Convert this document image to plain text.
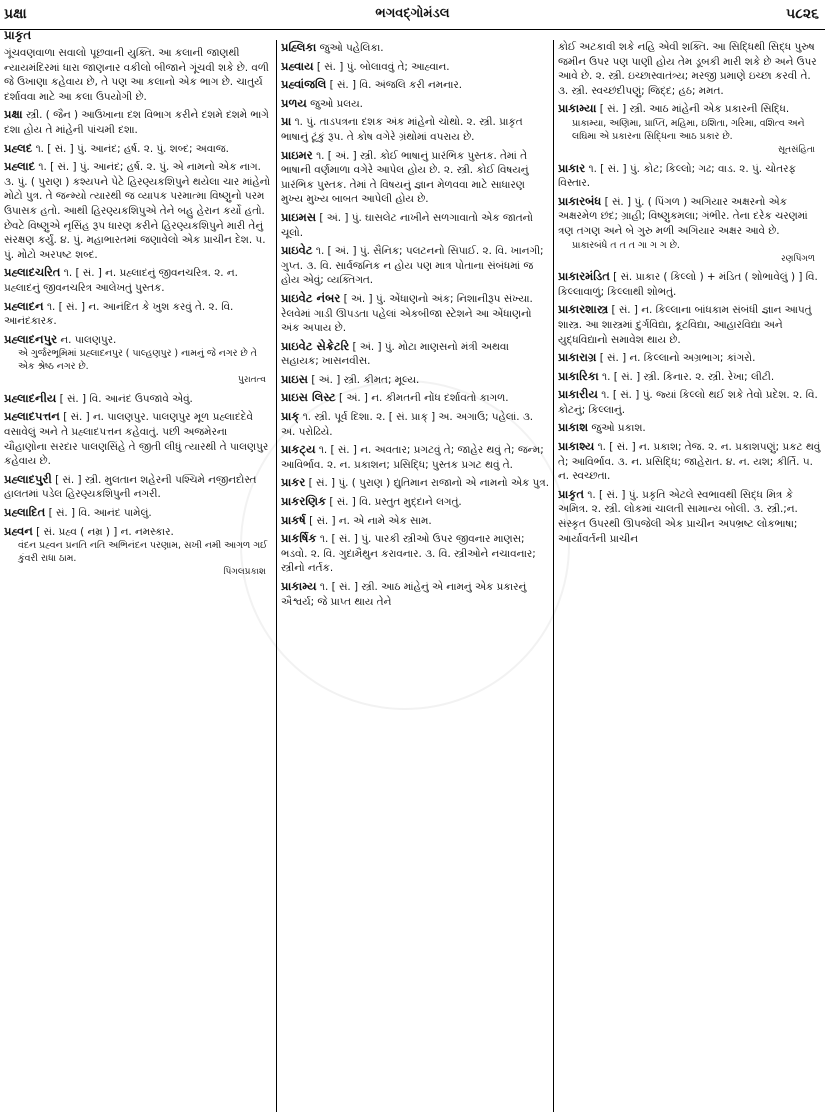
પ્રક્ષા	ભગવદ્ગોમંડલ	૫૮૨૬
પ્રાકૃત
ગૂંચવણવાળા સવાલો પૂછવાની યુક્તિ. આ કલાની જાણથી ન્યાયમંદિરમાં ધારા જાણનાર વકીલો બીજાને ગૂંચવી શકે છે. વળી જે ઉખાણા કહેવાય છે, તે પણ આ કલાનો એક ભાગ છે. ચાતુર્ય દર્શાવવા માટે આ કલા ઉપયોગી છે.
પ્રક્ષા સ્ત્રી. ( જૈન ) આઉખાના દશ વિભાગ કરીને દશમે દશમે ભાગે દશા હોય તે માંહેની પાંચમી દશા.
પ્રહ્લદ ૧. [ સં. ] પું. આનંદ; હર્ષ. ૨. પું. શબ્દ; અવાજ.
પ્રહ્લાદ ૧. [ સં. ] પું. આનંદ; હર્ષ. ૨. પું. એ નામનો એક નાગ. ૩. પું. ( પુરાણ ) કશ્યપને પેટે હિરણ્યકશિપુને થયેલા ચાર માંહેનો મોટો પુત્ર. તે જન્મ્યો ત્યારથી જ વ્યાપક પરમાત્મા વિષ્ણુનો પરમ ઉપાસક હતો. આથી હિરણ્યકશિપુએ તેને બહુ હેરાન કર્યો હતો. છેવટે વિષ્ણુએ નૃસિંહ રૂપ ધારણ કરીને હિરણ્યકશિપુને મારી તેનું સંરક્ષણ કર્યું. ૪. પું. મહાભારતમાં જણાવેલો એક પ્રાચીન દેશ. ૫. પું. મોટો અરપષ્ટ શબ્દ.
પ્રહ્લાદચરિત ૧. [ સં. ] ન. પ્રહ્લાદનું જીવનચરિત્ર. ૨. ન. પ્રહ્લાદનું જીવનચરિત્ર આલેખતું પુસ્તક.
પ્રહ્લાદન ૧. [ સં. ] ન. આનંદિત કે ખુશ કરવું તે. ૨. વિ. આનંદકારક.
પ્રહ્લાદનપુર ન. પાલણપુર.
એ ગુર્જરભૂમિમાં પ્રહ્લાદનપુર ( પાલ્હણપુર ) નામનું જે નગર છે તે એક શ્રેષ્ઠ નગર છે.
પુરાતત્વ
પ્રહ્લાદનીય [ સં. ] વિ. આનંદ ઉપજાવે એવું.
પ્રહ્લાદપત્તન [ સં. ] ન. પાલણપુર. પાલણપુર મૂળ પ્રહ્લાદદેવે વસાવેલું અને તે પ્રહ્લાદપત્તન કહેવાતું. પછી અજમેરના ચૌહાણોના સરદાર પાલણસિંહે તે જીતી લીધું ત્યારથી તે પાલણપુર કહેવાય છે.
પ્રહ્લાદપુરી [ સં. ] સ્ત્રી. મુલતાન શહેરની પશ્ચિમે નજીનદોસ્ત હાલતમાં પડેલ હિરણ્યકશિપુની નગરી.
પ્રહ્લાદિત [ સં. ] વિ. આનંદ પામેલું.
પ્રહ્વન [ સં. પ્રહ્વ ( નમ્ર ) ] ન. નમસ્કાર.
વંદન પ્રહ્વન પ્રનતિ નતિ અભિનંદન પરણામ, સખી નમી આગળ ગઈ કુંવરી રાધા ઠામ.
પિંગલપ્રકાશ
પ્રહ્લિકા જુઓ પહેલિકા.
પ્રહ્વાય [ સં. ] પું. બોલાવવું તે; આહ્વાન.
પ્રહ્વાંજલિ [ સં. ] વિ. અંજલિ કરી નમનાર.
પ્રળય જુઓ પ્રલય.
પ્રા ૧. પું. તાડપત્રના દશક અંક માંહેનો ચોથો. ૨. સ્ત્રી. પ્રાકૃત ભાષાનું ટૂંકું રૂપ. તે કોષ વગેરે ગ્રંથોમાં વપરાય છે.
પ્રાઇમર ૧. [ અં. ] સ્ત્રી. કોઈ ભાષાનું પ્રારંભિક પુસ્તક. તેમાં તે ભાષાની વર્ણમાળા વગેરે આપેલ હોય છે. ૨. સ્ત્રી. કોઈ વિષયનું પ્રારંભિક પુસ્તક. તેમાં તે વિષયનું જ્ઞાન મેળવવા માટે સાધારણ મુખ્ય મુખ્ય બાબત આપેલી હોય છે.
પ્રાઇમસ [ અં. ] પું. ઘાસલેટ નાખીને સળગાવાતો એક જાતનો ચૂલો.
પ્રાઇવેટ ૧. [ અં. ] પું. સૈનિક; પલટનનો સિપાઈ. ૨. વિ. ખાનગી; ગુપ્ત. ૩. વિ. સાર્વજનિક ન હોય પણ માત્ર પોતાના સંબંધમાં જ હોય એવું; વ્યક્તિગત.
પ્રાઇવેટ નંબર [ અં. ] પું. એંધાણનો અંક; નિશાનીરૂપ સંખ્યા. રેલવેમાં ગાડી ઊપડતા પહેલાં એકબીજા સ્ટેશને આ એંધાણનો અંક અપાય છે.
પ્રાઇવેટ સેક્રેટરિ [ અં. ] પું. મોટા માણસનો મંત્રી અથવા સહાયક; ખાસનવીસ.
પ્રાઇસ [ અં. ] સ્ત્રી. કીમત; મૂલ્ય.
પ્રાઇસ લિસ્ટ [ અં. ] ન. કીમતની નોંધ દર્શાવતો કાગળ.
પ્રાક્ ૧. સ્ત્રી. પૂર્વ દિશા. ૨. [ સં. પ્રાક્ ] અ. અગાઉ; પહેલાં. ૩. અ. પરોઢિયે.
પ્રાકટ્ય ૧. [ સં. ] ન. અવતાર; પ્રગટવું તે; જાહેર થવું તે; જન્મ; આવિર્ભાવ. ૨. ન. પ્રકાશન; પ્રસિદ્ધિ; પુસ્તક પ્રગટ થવું તે.
પ્રાકર [ સં. ] પું. ( પુરાણ ) દ્યુતિમાન રાજાનો એ નામનો એક પુત્ર.
પ્રાકરણિક [ સં. ] વિ. પ્રસ્તુત મુદ્દાને લગતું.
પ્રાકર્ષ [ સં. ] ન. એ નામે એક સામ.
પ્રાકર્ષિક ૧. [ સં. ] પું. પારકી સ્ત્રીઓ ઉપર જીવનાર માણસ; ભડવો. ૨. વિ. ગુદામૈથુન કરાવનાર. ૩. વિ. સ્ત્રીઓને નચાવનાર; સ્ત્રીનો નર્તક.
પ્રાકામ્ય ૧. [ સં. ] સ્ત્રી. આઠ માંહેનું એ નામનું એક પ્રકારનું ઐશ્વર્ય; જે પ્રાપ્ત થાય તેને
કોઈ અટકાવી શકે નહિ એવી શક્તિ. આ સિદ્ધિથી સિદ્ધ પુરુષ જમીન ઉપર પણ પાણી હોય તેમ ડૂબકી મારી શકે છે અને ઉપર આવે છે. ૨. સ્ત્રી. ઇચ્છાસ્વાતંત્ર્ય; મરજી પ્રમાણે ઇચ્છા કરવી તે. ૩. સ્ત્રી. સ્વચ્છંદીપણું; જિદ્દ; હઠ; મમત.
પ્રાકામ્યા [ સં. ] સ્ત્રી. આઠ માંહેની એક પ્રકારની સિદ્ધિ.
પ્રાકામ્યા, અણિમા, પ્રાપ્તિ, મહિમા, ઇશિતા, ગરિમા, વશિત્વ અને લઘિમા એ પ્રકારના સિદ્ધિના આઠ પ્રકાર છે.
સૂતસંહિતા
પ્રાકાર ૧. [ સં. ] પું. કોટ; કિલ્લો; ગઢ; વાડ. ૨. પું. ચોતરફ વિસ્તાર.
પ્રાકારબંધ [ સં. ] પું. ( પિંગળ ) અગિયાર અક્ષરનો એક અક્ષરમેળ છંદ; ગ્રાહી; વિષ્ણુકમલા; ગંભીર. તેના દરેક ચરણમાં ત્રણ તગણ અને બે ગુરુ મળી અગિયાર અક્ષર આવે છે.
પ્રાકારબંધે ત ત ત ગા ગ ગ છે.
રણપિંગળ
પ્રાકારમંડિત [ સં. પ્રાકાર ( કિલ્લો ) + મંડિત ( શોભાવેલું ) ] વિ. કિલ્લાવાળું; કિલ્લાથી શોભતું.
પ્રાકારશાસ્ત્ર [ સં. ] ન. કિલ્લાના બાંધકામ સંબંધી જ્ઞાન આપતું શાસ્ત્ર. આ શાસ્ત્રમાં દુર્ગવિદ્યા, કૂટવિદ્યા, આહારવિદ્યા અને યુદ્ધવિદ્યાનો સમાવેશ થાય છે.
પ્રાકારાગ્ર [ સં. ] ન. કિલ્લાનો અગ્રભાગ; કાંગરો.
પ્રાકારિકા ૧. [ સં. ] સ્ત્રી. કિનાર. ૨. સ્ત્રી. રેખા; લીટી.
પ્રાકારીય ૧. [ સં. ] પું. જ્યાં કિલ્લો થઈ શકે તેવો પ્રદેશ. ૨. વિ. કોટનું; કિલ્લાનું.
પ્રાકાશ જુઓ પ્રકાશ.
પ્રાકાશ્ય ૧. [ સં. ] ન. પ્રકાશ; તેજ. ૨. ન. પ્રકાશપણું; પ્રકટ થવું તે; આવિર્ભાવ. ૩. ન. પ્રસિદ્ધિ; જાહેરાત. ૪. ન. યશ; કીર્તિ. ૫. ન. સ્વચ્છતા.
પ્રાકૃત ૧. [ સં. ] પું. પ્રકૃતિ એટલે સ્વભાવથી સિદ્ધ મિત્ર કે અમિત્ર. ૨. સ્ત્રી. લોકમાં ચાલતી સામાન્ય બોલી. ૩. સ્ત્રી.;ન. સંસ્કૃત ઉપરથી ઊપજેલી એક પ્રાચીન અપભ્રષ્ટ લોકભાષા; આર્યાવર્તની પ્રાચીન
